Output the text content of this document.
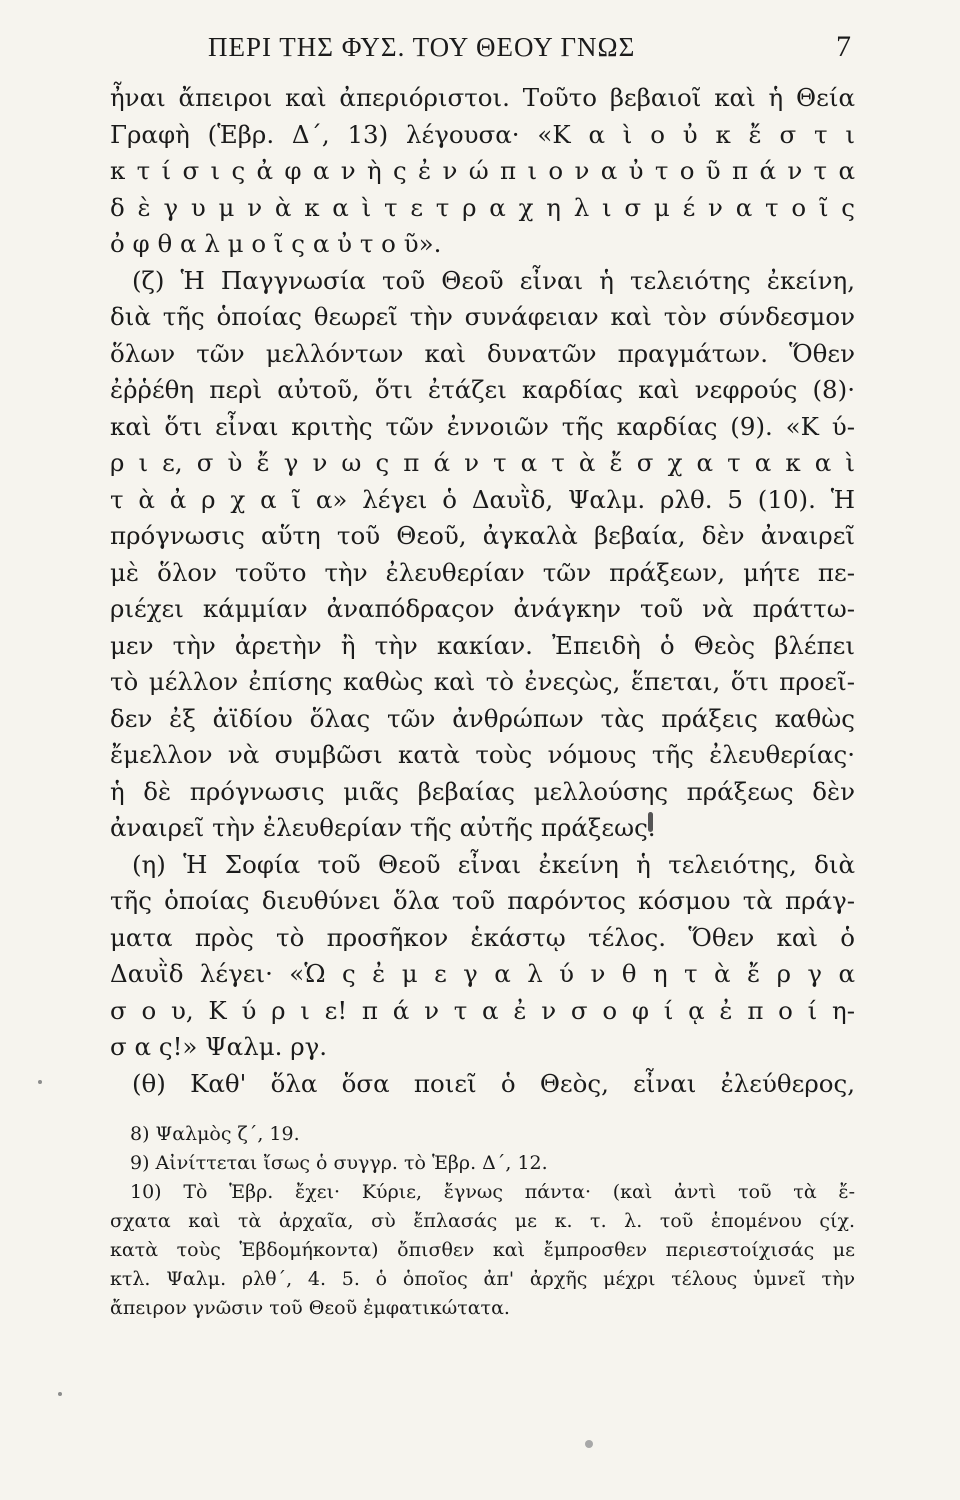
ΠΕΡΙ ΤΗΣ ΦΥΣ. ΤΟΥ ΘΕΟΥ ΓΝΩΣ	7
ἦναι ἄπειροι καὶ ἀπεριόριστοι. Τοῦτο βεβαιοῖ καὶ ἡ Θεία
Γραφὴ (Ἑβρ. Δ΄, 13) λέγουσα· «Κ α ὶ ο ὐ κ ἔ σ τ ι
κ τ ί σ ι ς ἀ φ α ν ὴ ς ἐ ν ώ π ι ο ν α ὐ τ ο ῦ π ά ν τ α
δ ὲ γ υ μ ν ὰ κ α ὶ τ ε τ ρ α χ η λ ι σ μ έ ν α τ ο ῖ ς
ὀ φ θ α λ μ ο ῖ ς α ὐ τ ο ῦ».
(ζ) Ἡ Παγγνωσία τοῦ Θεοῦ εἶναι ἡ τελειότης ἐκείνη,
διὰ τῆς ὁποίας θεωρεῖ τὴν συνάφειαν καὶ τὸν σύνδεσμον
ὅλων τῶν μελλόντων καὶ δυνατῶν πραγμάτων. Ὅθεν
ἐῤῥέθη περὶ αὐτοῦ, ὅτι ἐτάζει καρδίας καὶ νεφρούς (8)·
καὶ ὅτι εἶναι κριτὴς τῶν ἐννοιῶν τῆς καρδίας (9). «Κ ύ-
ρ ι ε, σ ὺ ἔ γ ν ω ς π ά ν τ α τ ὰ ἔ σ χ α τ α κ α ὶ
τ ὰ ἀ ρ χ α ῖ α» λέγει ὁ Δαυῒδ, Ψαλμ. ρλθ. 5 (10). Ἡ
πρόγνωσις αὕτη τοῦ Θεοῦ, ἀγκαλὰ βεβαία, δὲν ἀναιρεῖ
μὲ ὅλον τοῦτο τὴν ἐλευθερίαν τῶν πράξεων, μήτε πε-
ριέχει κάμμίαν ἀναπόδραςον ἀνάγκην τοῦ νὰ πράττω-
μεν τὴν ἀρετὴν ἢ τὴν κακίαν. Ἐπειδὴ ὁ Θεὸς βλέπει
τὸ μέλλον ἐπίσης καθὼς καὶ τὸ ἐνεςὼς, ἕπεται, ὅτι προεῖ-
δεν ἐξ ἀϊδίου ὅλας τῶν ἀνθρώπων τὰς πράξεις καθὼς
ἔμελλον νὰ συμβῶσι κατὰ τοὺς νόμους τῆς ἐλευθερίας·
ἡ δὲ πρόγνωσις μιᾶς βεβαίας μελλούσης πράξεως δὲν
ἀναιρεῖ τὴν ἐλευθερίαν τῆς αὐτῆς πράξεως.
(η) Ἡ Σοφία τοῦ Θεοῦ εἶναι ἐκείνη ἡ τελειότης, διὰ
τῆς ὁποίας διευθύνει ὅλα τοῦ παρόντος κόσμου τὰ πράγ-
ματα πρὸς τὸ προσῆκον ἑκάστῳ τέλος. Ὅθεν καὶ ὁ
Δαυῒδ λέγει· «Ὡ ς ἐ μ ε γ α λ ύ ν θ η τ ὰ ἔ ρ γ α
σ ο υ, Κ ύ ρ ι ε! π ά ν τ α ἐ ν σ ο φ ί ᾳ ἐ π ο ί η-
σ α ς!» Ψαλμ. ργ.
(θ) Καθ' ὅλα ὅσα ποιεῖ ὁ Θεὸς, εἶναι ἐλεύθερος,
8) Ψαλμὸς ζ΄, 19.
9) Αἰνίττεται ἴσως ὁ συγγρ. τὸ Ἑβρ. Δ΄, 12.
10) Τὸ Ἑβρ. ἔχει· Κύριε, ἔγνως πάντα· (καὶ ἀντὶ τοῦ τὰ ἔ-
σχατα καὶ τὰ ἀρχαῖα, σὺ ἔπλασάς με κ. τ. λ. τοῦ ἑπομένου ςίχ.
κατὰ τοὺς Ἑβδομήκοντα) ὄπισθεν καὶ ἔμπροσθεν περιεστοίχισάς με
κτλ. Ψαλμ. ρλθ΄, 4. 5. ὁ ὁποῖος ἀπ' ἀρχῆς μέχρι τέλους ὑμνεῖ τὴν
ἄπειρον γνῶσιν τοῦ Θεοῦ ἐμφατικώτατα.
